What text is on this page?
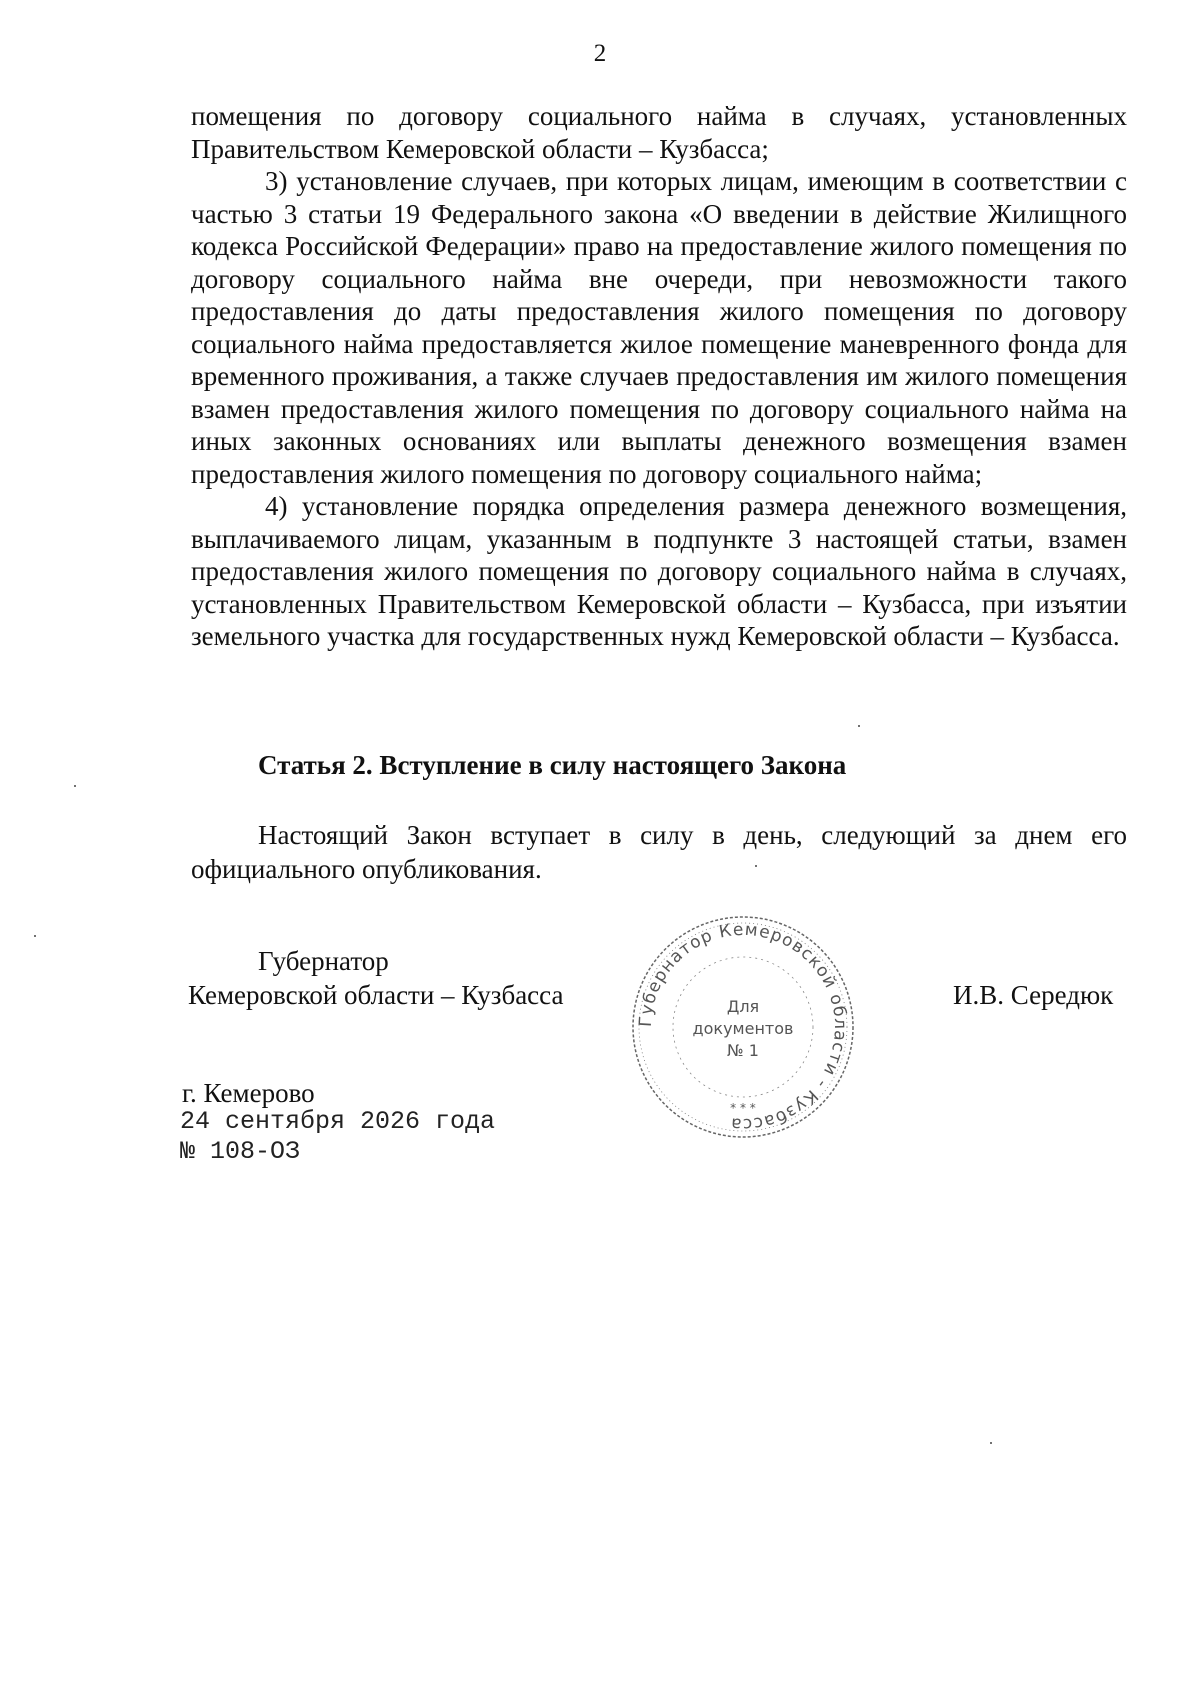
2

помещения по договору социального найма в случаях, установленных Правительством Кемеровской области – Кузбасса;

3) установление случаев, при которых лицам, имеющим в соответствии с частью 3 статьи 19 Федерального закона «О введении в действие Жилищного кодекса Российской Федерации» право на предоставление жилого помещения по договору социального найма вне очереди, при невозможности такого предоставления до даты предоставления жилого помещения по договору социального найма предоставляется жилое помещение маневренного фонда для временного проживания, а также случаев предоставления им жилого помещения взамен предоставления жилого помещения по договору социального найма на иных законных основаниях или выплаты денежного возмещения взамен предоставления жилого помещения по договору социального найма;

4) установление порядка определения размера денежного возмещения, выплачиваемого лицам, указанным в подпункте 3 настоящей статьи, взамен предоставления жилого помещения по договору социального найма в случаях, установленных Правительством Кемеровской области – Кузбасса, при изъятии земельного участка для государственных нужд Кемеровской области – Кузбасса.

Статья 2. Вступление в силу настоящего Закона

Настоящий Закон вступает в силу в день, следующий за днем его официального опубликования.

Губернатор
Кемеровской области – Кузбасса	И.В. Середюк
Губернатор Кемеровской области - Кузбасса
Для
документов
№ 1
* * *
г. Кемерово
24 сентября 2026 года
№ 108-ОЗ
